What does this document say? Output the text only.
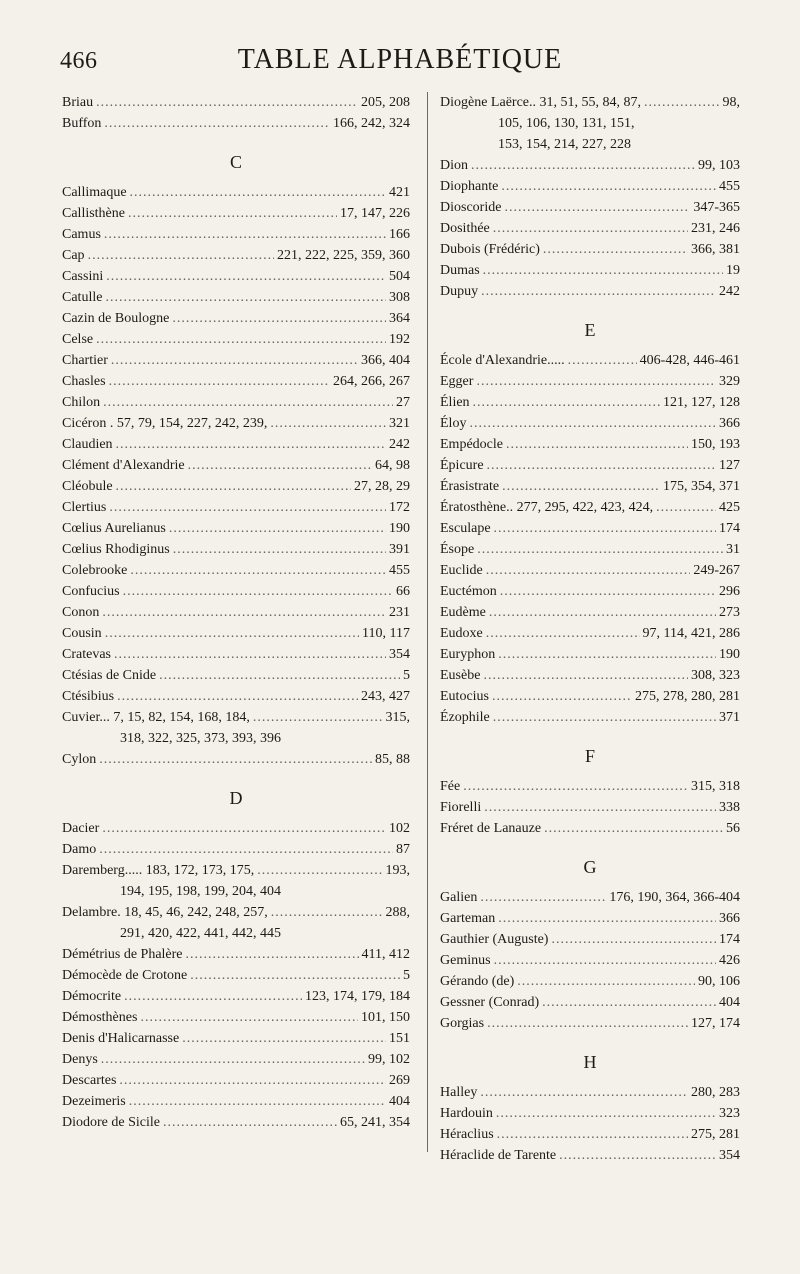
466	TABLE ALPHABÉTIQUE
Briau .....	205, 208
Buffon .....	166, 242, 324
C
Callimaque .....	421
Callisthène .....	17, 147, 226
Camus .....	166
Cap .....	221, 222, 225, 359, 360
Cassini .....	504
Catulle .....	308
Cazin de Boulogne .....	364
Celse .....	192
Chartier .....	366, 404
Chasles .....	264, 266, 267
Chilon .....	27
Cicéron . 57, 79, 154, 227, 242, 239, .....	321
Claudien .....	242
Clément d'Alexandrie .....	64, 98
Cléobule .....	27, 28, 29
Clertius .....	172
Cœlius Aurelianus .....	190
Cœlius Rhodiginus .....	391
Colebrooke .....	455
Confucius .....	66
Conon .....	231
Cousin .....	110, 117
Cratevas .....	354
Ctésias de Cnide .....	5
Ctésibius .....	243, 427
Cuvier... 7, 15, 82, 154, 168, 184, .....	315,
318, 322, 325, 373, 393, 396
Cylon .....	85, 88
D
Dacier .....	102
Damo .....	87
Daremberg..... 183, 172, 173, 175, .....	193,
194, 195, 198, 199, 204, 404
Delambre. 18, 45, 46, 242, 248, 257, .....	288,
291, 420, 422, 441, 442, 445
Démétrius de Phalère .....	411, 412
Démocède de Crotone .....	5
Démocrite .....	123, 174, 179, 184
Démosthènes .....	101, 150
Denis d'Halicarnasse .....	151
Denys .....	99, 102
Descartes .....	269
Dezeimeris .....	404
Diodore de Sicile .....	65, 241, 354
Diogène Laërce.. 31, 51, 55, 84, 87, .....	98,
105, 106, 130, 131, 151,
153, 154, 214, 227, 228
Dion .....	99, 103
Diophante .....	455
Dioscoride .....	347-365
Dosithée .....	231, 246
Dubois (Frédéric) .....	366, 381
Dumas .....	19
Dupuy .....	242
E
École d'Alexandrie..... .....	406-428, 446-461
Egger .....	329
Élien .....	121, 127, 128
Éloy .....	366
Empédocle .....	150, 193
Épicure .....	127
Érasistrate .....	175, 354, 371
Ératosthène.. 277, 295, 422, 423, 424, .....	425
Esculape .....	174
Ésope .....	31
Euclide .....	249-267
Euctémon .....	296
Eudème .....	273
Eudoxe .....	97, 114, 421, 286
Euryphon .....	190
Eusèbe .....	308, 323
Eutocius .....	275, 278, 280, 281
Ézophile .....	371
F
Fée .....	315, 318
Fiorelli .....	338
Fréret de Lanauze .....	56
G
Galien .....	176, 190, 364, 366-404
Garteman .....	366
Gauthier (Auguste) .....	174
Geminus .....	426
Gérando (de) .....	90, 106
Gessner (Conrad) .....	404
Gorgias .....	127, 174
H
Halley .....	280, 283
Hardouin .....	323
Héraclius .....	275, 281
Héraclide de Tarente .....	354
